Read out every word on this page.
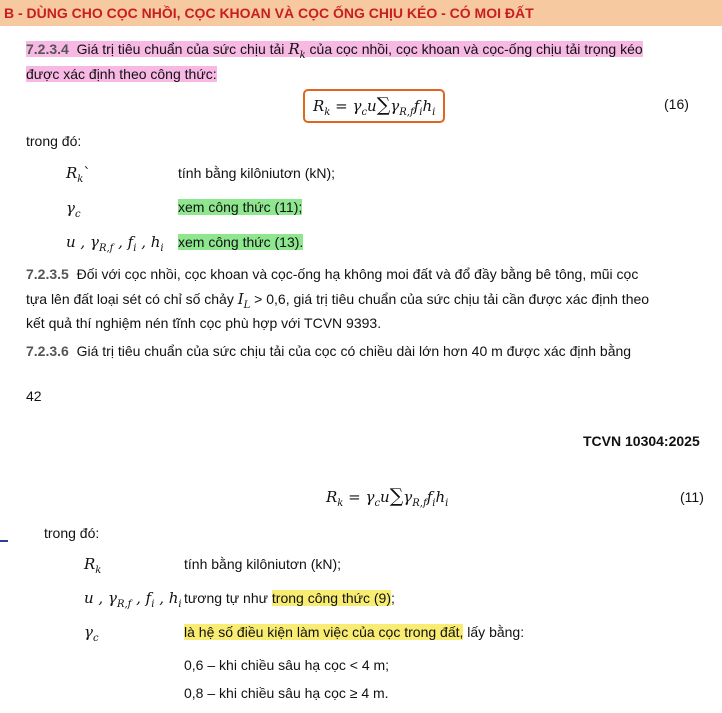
B - DÙNG CHO CỌC NHỒI, CỌC KHOAN VÀ CỌC ỐNG CHỊU KÉO - CÓ MOI ĐẤT
7.2.3.4 Giá trị tiêu chuẩn của sức chịu tải $R_k$ của cọc nhồi, cọc khoan và cọc-ống chịu tải trọng kéo
được xác định theo công thức:
$R_k = \gamma_cu\sum\gamma_{R,f}f_ih_i$
(16)
trong đó:
$R_k`$	tính bằng kilôniutơn (kN);
$\gamma_c$	xem công thức (11);
u , $\gamma_{R,f}$ , $f_i$ , $h_i$ xem công thức (13).
7.2.3.5 Đối với cọc nhồi, cọc khoan và cọc-ống hạ không moi đất và đổ đầy bằng bê tông, mũi cọc
tựa lên đất loại sét có chỉ số chảy $I_L > 0,6$, giá trị tiêu chuẩn của sức chịu tải cần được xác định theo
kết quả thí nghiệm nén tĩnh cọc phù hợp với TCVN 9393.
7.2.3.6 Giá trị tiêu chuẩn của sức chịu tải của cọc có chiều dài lớn hơn 40 m được xác định bằng
42
TCVN 10304:2025
$R_k = \gamma_cu\sum\gamma_{R,f}f_ih_i$	(11)
trong đó:
$R_k$	tính bằng kilôniutơn (kN);
u , $\gamma_{R,f}$ , $f_i$ , $h_i$ tương tự như trong công thức (9);
$\gamma_c$	là hệ số điều kiện làm việc của cọc trong đất, lấy bằng:
0,6 – khi chiều sâu hạ cọc < 4 m;
0,8 – khi chiều sâu hạ cọc ≥ 4 m.
